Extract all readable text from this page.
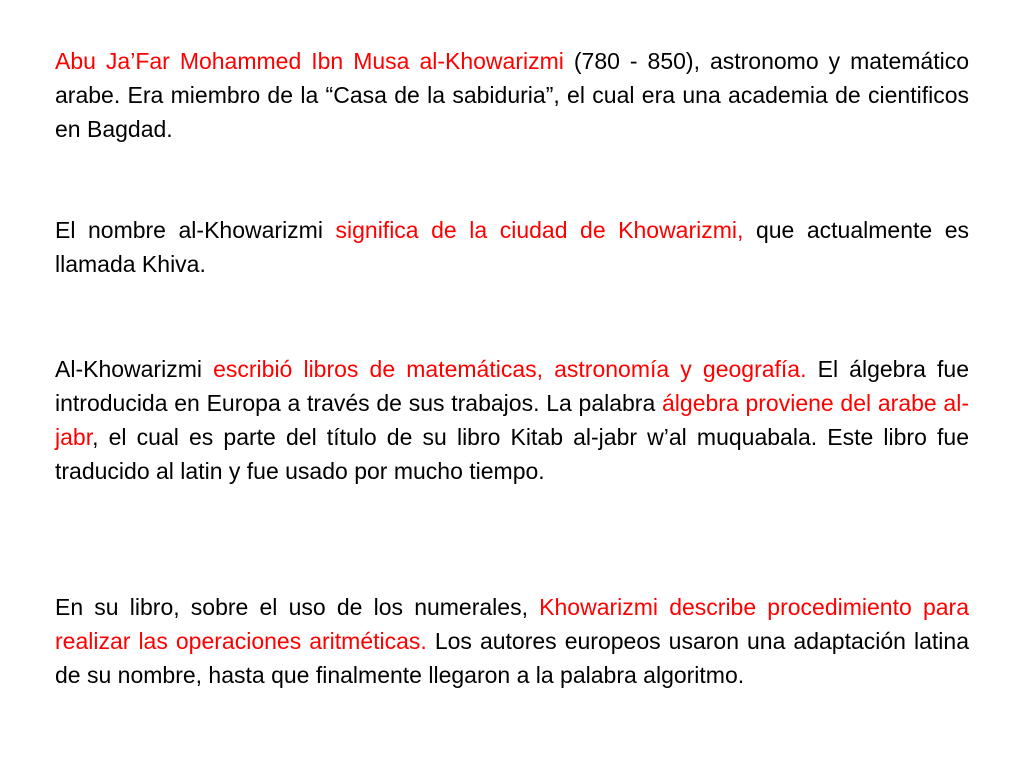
Abu Ja’Far Mohammed Ibn Musa al-Khowarizmi (780 - 850), astronomo y matemático arabe. Era miembro de la “Casa de la sabiduria”, el cual era una academia de cientificos en Bagdad.

El nombre al-Khowarizmi significa de la ciudad de Khowarizmi, que actualmente es llamada Khiva.

Al-Khowarizmi escribió libros de matemáticas, astronomía y geografía. El álgebra fue introducida en Europa a través de sus trabajos. La palabra álgebra proviene del arabe al-jabr, el cual es parte del título de su libro Kitab al-jabr w’al muquabala. Este libro fue traducido al latin y fue usado por mucho tiempo.

En su libro, sobre el uso de los numerales, Khowarizmi describe procedimiento para realizar las operaciones aritméticas. Los autores europeos usaron una adaptación latina de su nombre, hasta que finalmente llegaron a la palabra algoritmo.
